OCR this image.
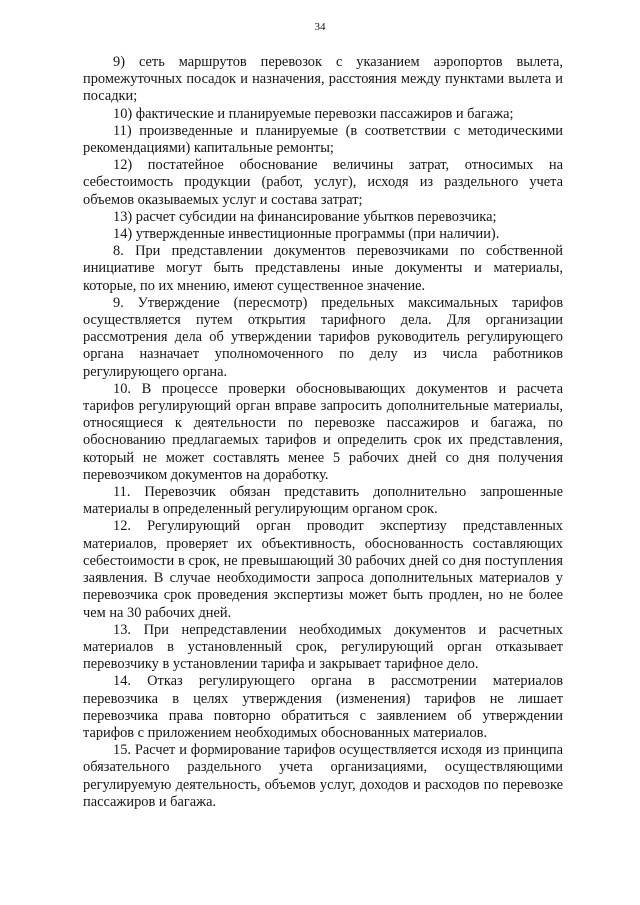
34

9) сеть маршрутов перевозок с указанием аэропортов вылета, промежуточных посадок и назначения, расстояния между пунктами вылета и посадки;

10) фактические и планируемые перевозки пассажиров и багажа;

11) произведенные и планируемые (в соответствии с методическими рекомендациями) капитальные ремонты;

12) постатейное обоснование величины затрат, относимых на себестоимость продукции (работ, услуг), исходя из раздельного учета объемов оказываемых услуг и состава затрат;

13) расчет субсидии на финансирование убытков перевозчика;

14) утвержденные инвестиционные программы (при наличии).

8. При представлении документов перевозчиками по собственной инициативе могут быть представлены иные документы и материалы, которые, по их мнению, имеют существенное значение.

9. Утверждение (пересмотр) предельных максимальных тарифов осуществляется путем открытия тарифного дела. Для организации рассмотрения дела об утверждении тарифов руководитель регулирующего органа назначает уполномоченного по делу из числа работников регулирующего органа.

10. В процессе проверки обосновывающих документов и расчета тарифов регулирующий орган вправе запросить дополнительные материалы, относящиеся к деятельности по перевозке пассажиров и багажа, по обоснованию предлагаемых тарифов и определить срок их представления, который не может составлять менее 5 рабочих дней со дня получения перевозчиком документов на доработку.

11. Перевозчик обязан представить дополнительно запрошенные материалы в определенный регулирующим органом срок.

12. Регулирующий орган проводит экспертизу представленных материалов, проверяет их объективность, обоснованность составляющих себестоимости в срок, не превышающий 30 рабочих дней со дня поступления заявления. В случае необходимости запроса дополнительных материалов у перевозчика срок проведения экспертизы может быть продлен, но не более чем на 30 рабочих дней.

13. При непредставлении необходимых документов и расчетных материалов в установленный срок, регулирующий орган отказывает перевозчику в установлении тарифа и закрывает тарифное дело.

14. Отказ регулирующего органа в рассмотрении материалов перевозчика в целях утверждения (изменения) тарифов не лишает перевозчика права повторно обратиться с заявлением об утверждении тарифов с приложением необходимых обоснованных материалов.

15. Расчет и формирование тарифов осуществляется исходя из принципа обязательного раздельного учета организациями, осуществляющими регулируемую деятельность, объемов услуг, доходов и расходов по перевозке пассажиров и багажа.
